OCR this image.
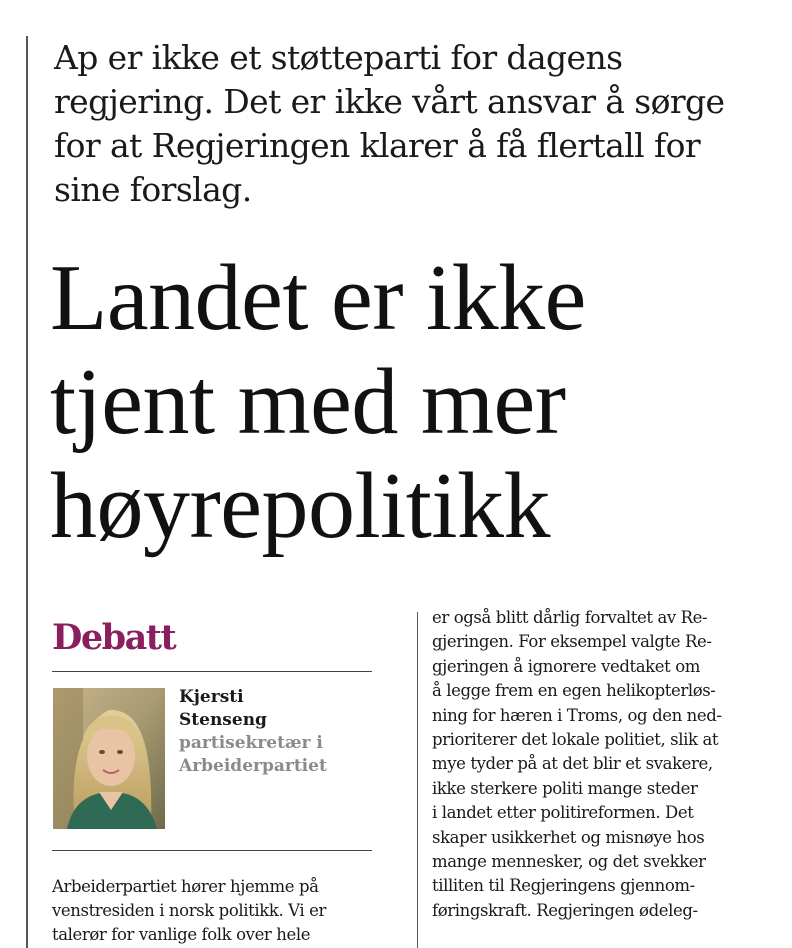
Ap er ikke et støtteparti for dagens
regjering. Det er ikke vårt ansvar å sørge
for at Regjeringen klarer å få flertall for
sine forslag.
Landet er ikke
tjent med mer
høyrepolitikk
Debatt
Kjersti
Stenseng
partisekretær i
Arbeiderpartiet
Arbeiderpartiet hører hjemme på
venstresiden i norsk politikk. Vi er
talerør for vanlige folk over hele
er også blitt dårlig forvaltet av Re-
gjeringen. For eksempel valgte Re-
gjeringen å ignorere vedtaket om
å legge frem en egen helikopterløs-
ning for hæren i Troms, og den ned-
prioriterer det lokale politiet, slik at
mye tyder på at det blir et svakere,
ikke sterkere politi mange steder
i landet etter politireformen. Det
skaper usikkerhet og misnøye hos
mange mennesker, og det svekker
tilliten til Regjeringens gjennom-
føringskraft. Regjeringen ødeleg-
